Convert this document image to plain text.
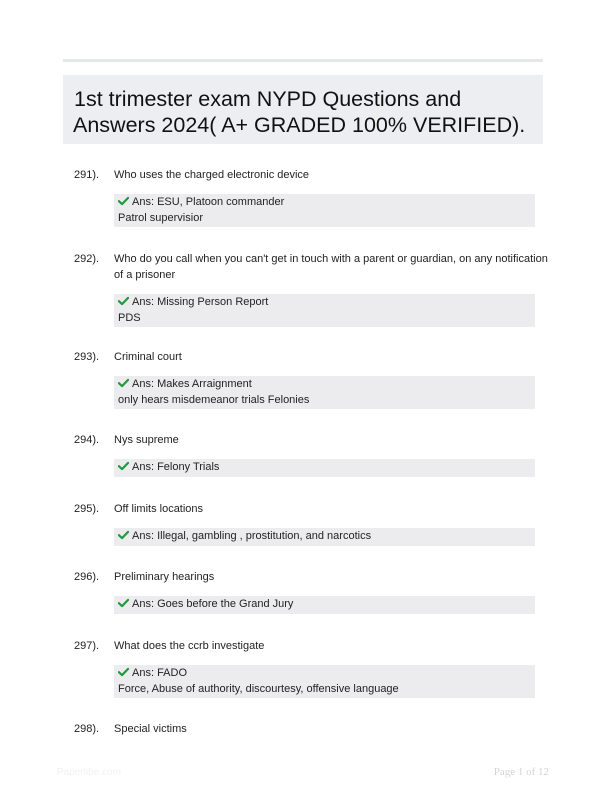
1st trimester exam NYPD Questions and
Answers 2024( A+ GRADED 100% VERIFIED).
291). Who uses the charged electronic device
Ans: ESU, Platoon commander
Patrol supervisior
292). Who do you call when you can't get in touch with a parent or guardian, on any notification
of a prisoner
Ans: Missing Person Report
PDS
293). Criminal court
Ans: Makes Arraignment
only hears misdemeanor trials Felonies
294). Nys supreme
Ans: Felony Trials
295). Off limits locations
Ans: Illegal, gambling , prostitution, and narcotics
296). Preliminary hearings
Ans: Goes before the Grand Jury
297). What does the ccrb investigate
Ans: FADO
Force, Abuse of authority, discourtesy, offensive language
298). Special victims
Paperlibe.com	Page 1 of 12
